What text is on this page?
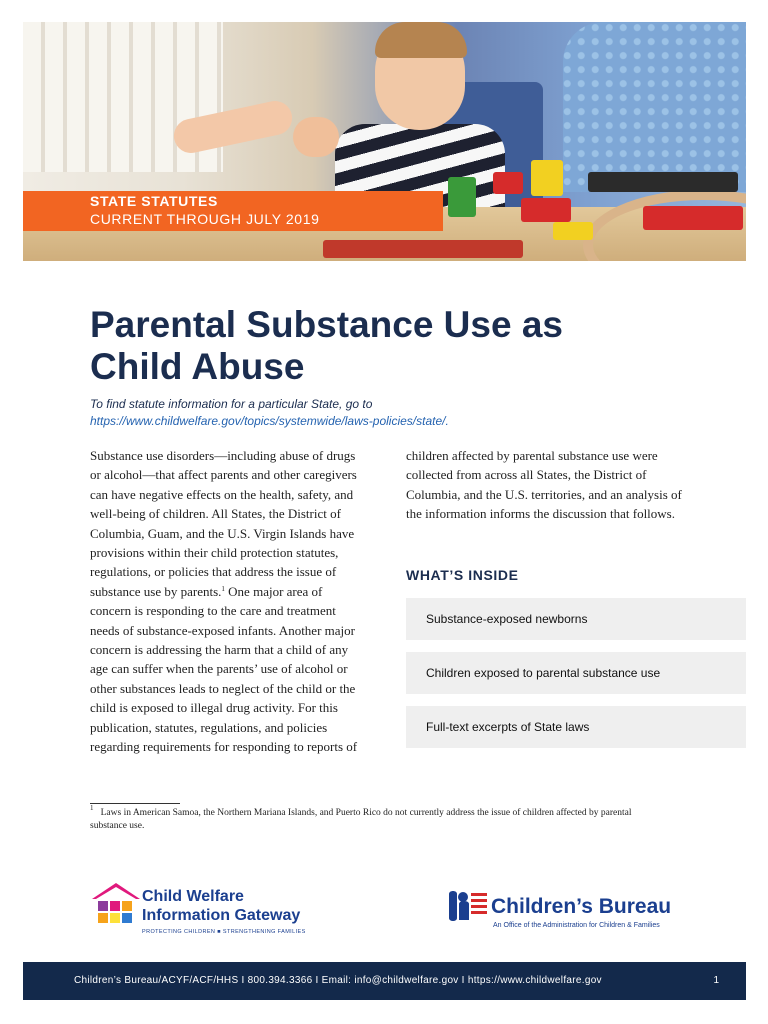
STATE STATUTES
CURRENT THROUGH JULY 2019
Parental Substance Use as
Child Abuse
To find statute information for a particular State, go to
https://www.childwelfare.gov/topics/systemwide/laws-policies/state/.

Substance use disorders—including abuse of drugs or alcohol—that affect parents and other caregivers can have negative effects on the health, safety, and well-being of children. All States, the District of Columbia, Guam, and the U.S. Virgin Islands have provisions within their child protection statutes, regulations, or policies that address the issue of substance use by parents.$^1$ One major area of concern is responding to the care and treatment needs of substance-exposed infants. Another major concern is addressing the harm that a child of any age can suffer when the parents’ use of alcohol or other substances leads to neglect of the child or the child is exposed to illegal drug activity. For this publication, statutes, regulations, and policies regarding requirements for responding to reports of

children affected by parental substance use were collected from across all States, the District of Columbia, and the U.S. territories, and an analysis of the information informs the discussion that follows.

WHAT’S INSIDE
Substance-exposed newborns
Children exposed to parental substance use
Full-text excerpts of State laws

$^1$ Laws in American Samoa, the Northern Mariana Islands, and Puerto Rico do not currently address the issue of children affected by parental substance use.

Child Welfare
Information Gateway
PROTECTING CHILDREN ■ STRENGTHENING FAMILIES
Children’s Bureau
An Office of the Administration for Children & Families
Children’s Bureau/ACYF/ACF/HHS I 800.394.3366 I Email: info@childwelfare.gov I https://www.childwelfare.gov	1
